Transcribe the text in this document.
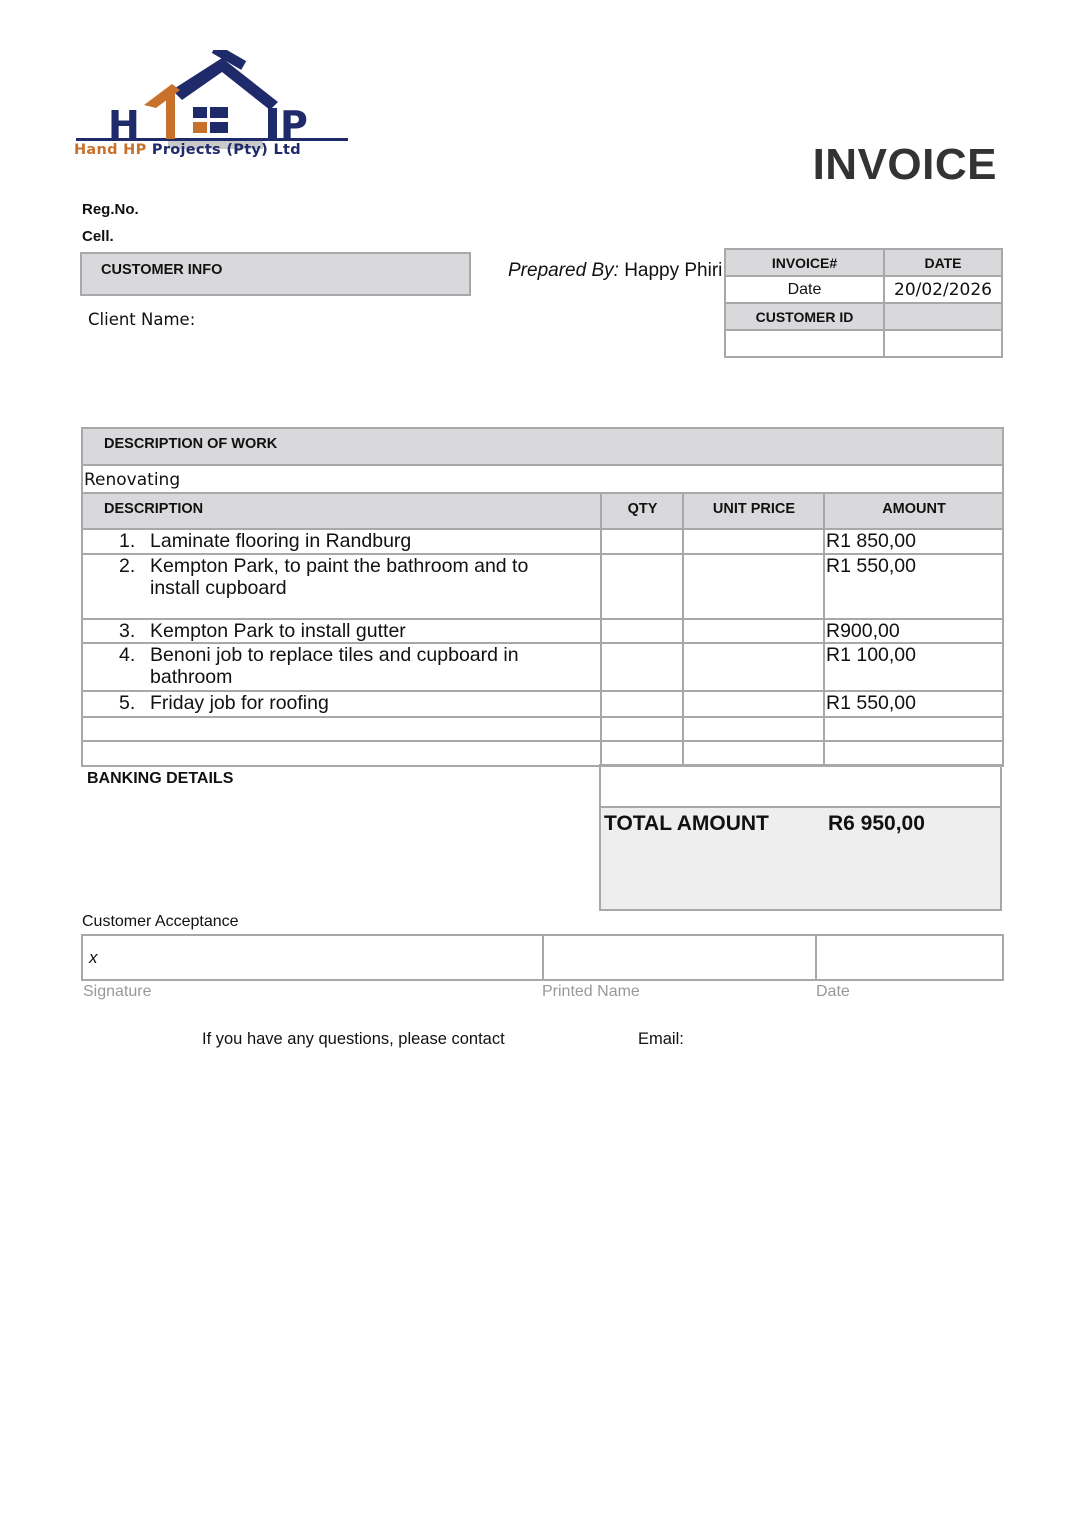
H	P
Hand HP Projects (Pty) Ltd	INVOICE
Reg.No.
Cell.
CUSTOMER INFO
Client Name:
Prepared By: Happy Phiri	INVOICE#	DATE
Date	20/02/2026
CUSTOMER ID	

DESCRIPTION OF WORK			
Renovating			
DESCRIPTION	QTY	UNIT PRICE	AMOUNT
1. Laminate flooring in Randburg			R1 850,00
2. Kempton Park, to paint the bathroom and to
install cupboard			R1 550,00
3. Kempton Park to install gutter			R900,00
4. Benoni job to replace tiles and cupboard in
bathroom			R1 100,00
5. Friday job for roofing			R1 550,00

BANKING DETAILS
TOTAL AMOUNT	R6 950,00
Customer Acceptance
x		
Signature	Printed Name	Date
If you have any questions, please contact	Email:
